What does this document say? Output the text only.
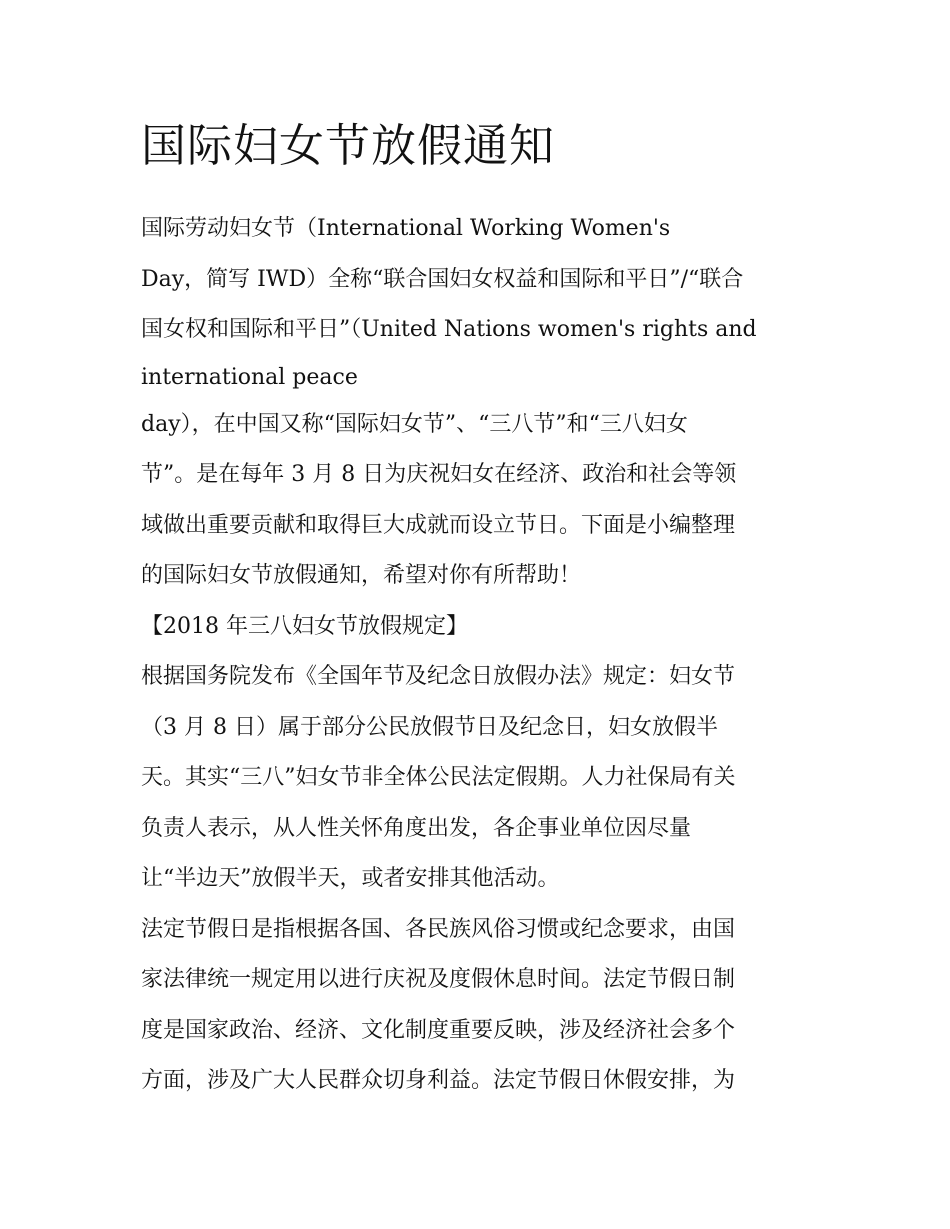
国际妇女节放假通知
国际劳动妇女节（International Working Women's
Day，简写 IWD）全称“联合国妇女权益和国际和平日”/“联合
国女权和国际和平日”（United Nations women's rights and
international peace
day），在中国又称“国际妇女节”、“三八节”和“三八妇女
节”。是在每年 3 月 8 日为庆祝妇女在经济、政治和社会等领
域做出重要贡献和取得巨大成就而设立节日。下面是小编整理
的国际妇女节放假通知，希望对你有所帮助！
【2018 年三八妇女节放假规定】
根据国务院发布《全国年节及纪念日放假办法》规定：妇女节
（3 月 8 日）属于部分公民放假节日及纪念日，妇女放假半
天。其实“三八”妇女节非全体公民法定假期。人力社保局有关
负责人表示，从人性关怀角度出发，各企事业单位因尽量
让“半边天”放假半天，或者安排其他活动。
法定节假日是指根据各国、各民族风俗习惯或纪念要求，由国
家法律统一规定用以进行庆祝及度假休息时间。法定节假日制
度是国家政治、经济、文化制度重要反映，涉及经济社会多个
方面，涉及广大人民群众切身利益。法定节假日休假安排，为
